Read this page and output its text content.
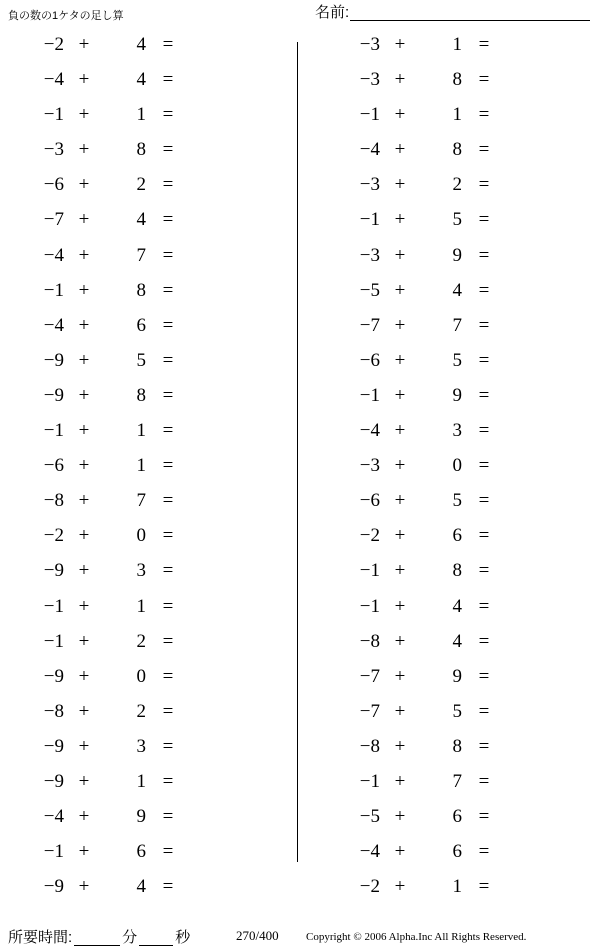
負の数の1ケタの足し算	名前:
−2 +	4 =
−4 +	4 =
−1 +	1 =
−3 +	8 =
−6 +	2 =
−7 +	4 =
−4 +	7 =
−1 +	8 =
−4 +	6 =
−9 +	5 =
−9 +	8 =
−1 +	1 =
−6 +	1 =
−8 +	7 =
−2 +	0 =
−9 +	3 =
−1 +	1 =
−1 +	2 =
−9 +	0 =
−8 +	2 =
−9 +	3 =
−9 +	1 =
−4 +	9 =
−1 +	6 =
−9 +	4 =
−3 +	1 =
−3 +	8 =
−1 +	1 =
−4 +	8 =
−3 +	2 =
−1 +	5 =
−3 +	9 =
−5 +	4 =
−7 +	7 =
−6 +	5 =
−1 +	9 =
−4 +	3 =
−3 +	0 =
−6 +	5 =
−2 +	6 =
−1 +	8 =
−1 +	4 =
−8 +	4 =
−7 +	9 =
−7 +	5 =
−8 +	8 =
−1 +	7 =
−5 +	6 =
−4 +	6 =
−2 +	1 =
所要時間:	分	秒	270/400 Copyright © 2006 Alpha.Inc All Rights Reserved.
